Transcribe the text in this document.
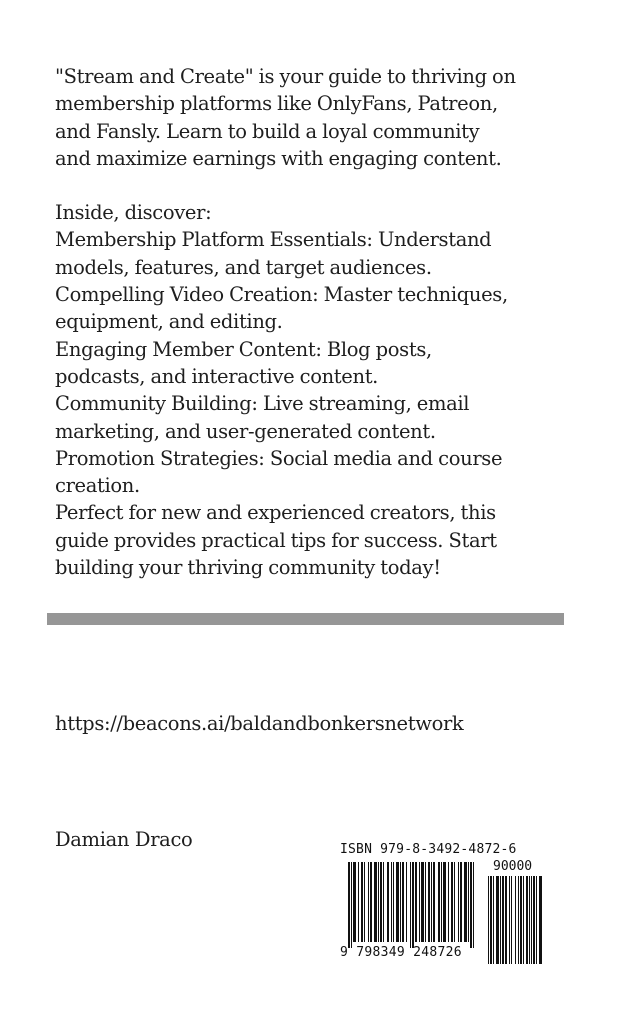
"Stream and Create" is your guide to thriving on
membership platforms like OnlyFans, Patreon,
and Fansly. Learn to build a loyal community
and maximize earnings with engaging content.
Inside, discover:
Membership Platform Essentials: Understand
models, features, and target audiences.
Compelling Video Creation: Master techniques,
equipment, and editing.
Engaging Member Content: Blog posts,
podcasts, and interactive content.
Community Building: Live streaming, email
marketing, and user-generated content.
Promotion Strategies: Social media and course
creation.
Perfect for new and experienced creators, this
guide provides practical tips for success. Start
building your thriving community today!
https://beacons.ai/baldandbonkersnetwork
Damian Draco	ISBN 979-8-3492-4872-6
90000
9 798349 248726
